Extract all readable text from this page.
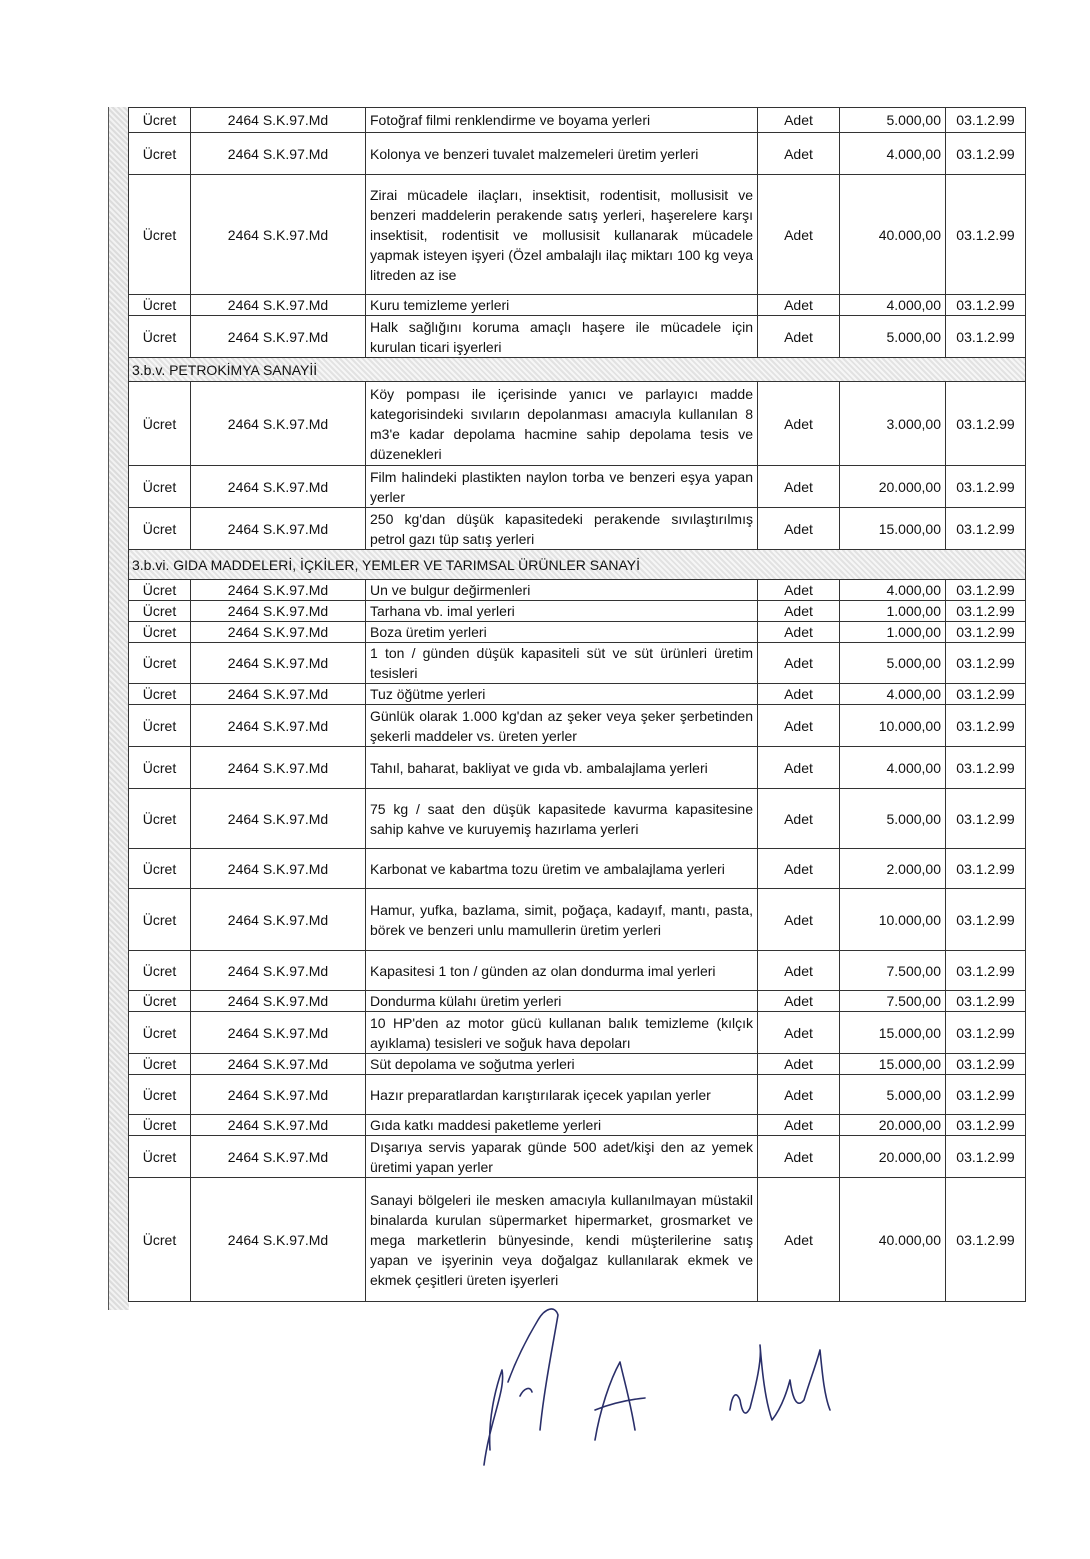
Ücret	2464 S.K.97.Md	Fotoğraf filmi renklendirme ve boyama yerleri	Adet	5.000,00	03.1.2.99
Ücret	2464 S.K.97.Md	Kolonya ve benzeri tuvalet malzemeleri üretim yerleri	Adet	4.000,00	03.1.2.99
Ücret	2464 S.K.97.Md	Zirai mücadele ilaçları, insektisit, rodentisit, mollusisit ve benzeri maddelerin perakende satış yerleri, haşerelere karşı insektisit, rodentisit ve mollusisit kullanarak mücadele yapmak isteyen işyeri (Özel ambalajlı ilaç miktarı 100 kg veya litreden az ise	Adet	40.000,00	03.1.2.99
Ücret	2464 S.K.97.Md	Kuru temizleme yerleri	Adet	4.000,00	03.1.2.99
Ücret	2464 S.K.97.Md	Halk sağlığını koruma amaçlı haşere ile mücadele için kurulan ticari işyerleri	Adet	5.000,00	03.1.2.99
3.b.v. PETROKİMYA SANAYİİ					
Ücret	2464 S.K.97.Md	Köy pompası ile içerisinde yanıcı ve parlayıcı madde kategorisindeki sıvıların depolanması amacıyla kullanılan 8 m3'e kadar depolama hacmine sahip depolama tesis ve düzenekleri	Adet	3.000,00	03.1.2.99
Ücret	2464 S.K.97.Md	Film halindeki plastikten naylon torba ve benzeri eşya yapan yerler	Adet	20.000,00	03.1.2.99
Ücret	2464 S.K.97.Md	250 kg'dan düşük kapasitedeki perakende sıvılaştırılmış petrol gazı tüp satış yerleri	Adet	15.000,00	03.1.2.99
3.b.vi. GIDA MADDELERİ, İÇKİLER, YEMLER VE TARIMSAL ÜRÜNLER SANAYİ					
Ücret	2464 S.K.97.Md	Un ve bulgur değirmenleri	Adet	4.000,00	03.1.2.99
Ücret	2464 S.K.97.Md	Tarhana vb. imal yerleri	Adet	1.000,00	03.1.2.99
Ücret	2464 S.K.97.Md	Boza üretim yerleri	Adet	1.000,00	03.1.2.99
Ücret	2464 S.K.97.Md	1 ton / günden düşük kapasiteli süt ve süt ürünleri üretim tesisleri	Adet	5.000,00	03.1.2.99
Ücret	2464 S.K.97.Md	Tuz öğütme yerleri	Adet	4.000,00	03.1.2.99
Ücret	2464 S.K.97.Md	Günlük olarak 1.000 kg'dan az şeker veya şeker şerbetinden şekerli maddeler vs. üreten yerler	Adet	10.000,00	03.1.2.99
Ücret	2464 S.K.97.Md	Tahıl, baharat, bakliyat ve gıda vb. ambalajlama yerleri	Adet	4.000,00	03.1.2.99
Ücret	2464 S.K.97.Md	75 kg / saat den düşük kapasitede kavurma kapasitesine sahip kahve ve kuruyemiş hazırlama yerleri	Adet	5.000,00	03.1.2.99
Ücret	2464 S.K.97.Md	Karbonat ve kabartma tozu üretim ve ambalajlama yerleri	Adet	2.000,00	03.1.2.99
Ücret	2464 S.K.97.Md	Hamur, yufka, bazlama, simit, poğaça, kadayıf, mantı, pasta, börek ve benzeri unlu mamullerin üretim yerleri	Adet	10.000,00	03.1.2.99
Ücret	2464 S.K.97.Md	Kapasitesi 1 ton / günden az olan dondurma imal yerleri	Adet	7.500,00	03.1.2.99
Ücret	2464 S.K.97.Md	Dondurma külahı üretim yerleri	Adet	7.500,00	03.1.2.99
Ücret	2464 S.K.97.Md	10 HP'den az motor gücü kullanan balık temizleme (kılçık ayıklama) tesisleri ve soğuk hava depoları	Adet	15.000,00	03.1.2.99
Ücret	2464 S.K.97.Md	Süt depolama ve soğutma yerleri	Adet	15.000,00	03.1.2.99
Ücret	2464 S.K.97.Md	Hazır preparatlardan karıştırılarak içecek yapılan yerler	Adet	5.000,00	03.1.2.99
Ücret	2464 S.K.97.Md	Gıda katkı maddesi paketleme yerleri	Adet	20.000,00	03.1.2.99
Ücret	2464 S.K.97.Md	Dışarıya servis yaparak günde 500 adet/kişi den az yemek üretimi yapan yerler	Adet	20.000,00	03.1.2.99
Ücret	2464 S.K.97.Md	Sanayi bölgeleri ile mesken amacıyla kullanılmayan müstakil binalarda kurulan süpermarket hipermarket, grosmarket ve mega marketlerin bünyesinde, kendi müşterilerine satış yapan ve işyerinin veya doğalgaz kullanılarak ekmek ve ekmek çeşitleri üreten işyerleri	Adet	40.000,00	03.1.2.99
